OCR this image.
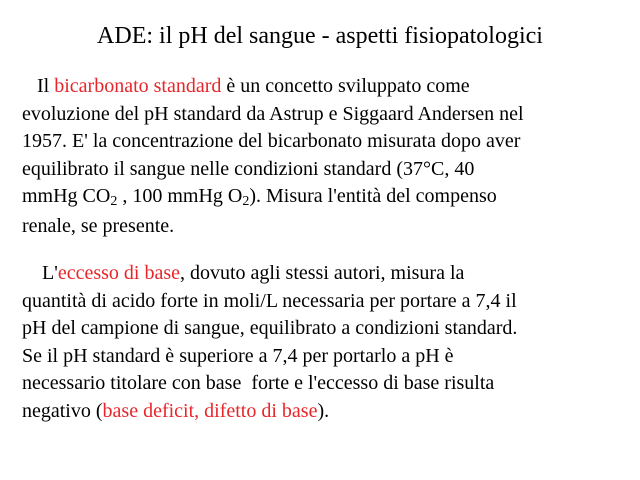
ADE: il pH del sangue - aspetti fisiopatologici
Il bicarbonato standard è un concetto sviluppato come
evoluzione del pH standard da Astrup e Siggaard Andersen nel
1957. E' la concentrazione del bicarbonato misurata dopo aver
equilibrato il sangue nelle condizioni standard (37°C, 40
mmHg $CO_2$ , 100 mmHg $O_2$). Misura l'entità del compenso
renale, se presente.
L'eccesso di base, dovuto agli stessi autori, misura la
quantità di acido forte in moli/L necessaria per portare a 7,4 il
pH del campione di sangue, equilibrato a condizioni standard.
Se il pH standard è superiore a 7,4 per portarlo a pH è
necessario titolare con base  forte e l'eccesso di base risulta
negativo (base deficit, difetto di base).
